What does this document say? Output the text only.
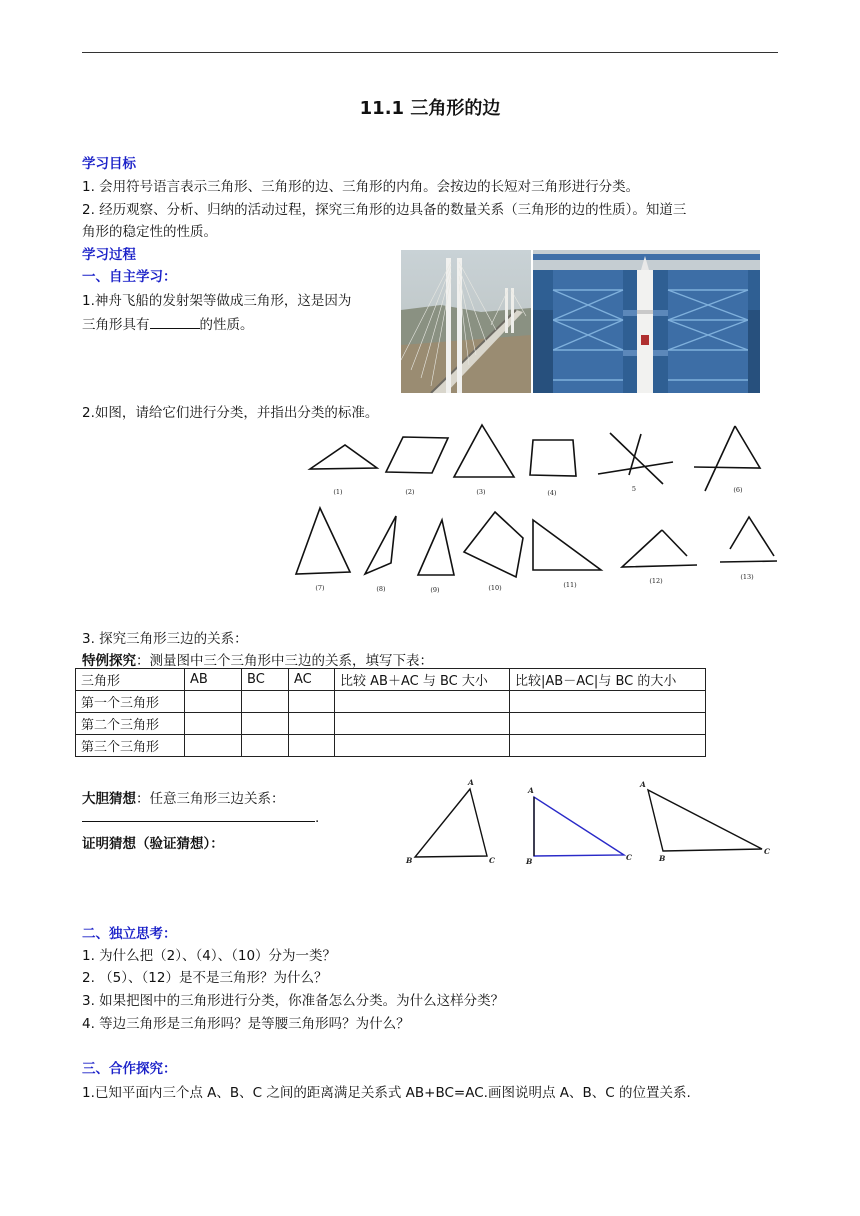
11.1 三角形的边
学习目标
1. 会用符号语言表示三角形、三角形的边、三角形的内角。会按边的长短对三角形进行分类。
2. 经历观察、分析、归纳的活动过程，探究三角形的边具备的数量关系（三角形的边的性质）。知道三
角形的稳定性的性质。
学习过程
一、自主学习：
1.神舟飞船的发射架等做成三角形，这是因为
三角形具有	的性质。
2.如图，请给它们进行分类，并指出分类的标准。
(1)	(2)	(3)	(4)	5	(6)
(7)	(8)	(9)	(10)	(11)	(12)	(13)
3. 探究三角形三边的关系：
特例探究：测量图中三个三角形中三边的关系，填写下表：
三角形	AB	BC	AC	比较 AB＋AC 与 BC 大小	比较|AB－AC|与 BC 的大小
第一个三角形					
第二个三角形					
第三个三角形					
大胆猜想：任意三角形三边关系：
.
证明猜想（验证猜想）：
A
B	C
A
B	C
A
B
C
二、独立思考：
1. 为什么把（2）、（4）、（10）分为一类？
2. （5）、（12）是不是三角形？为什么？
3. 如果把图中的三角形进行分类，你准备怎么分类。为什么这样分类？
4. 等边三角形是三角形吗？是等腰三角形吗？为什么？
三、合作探究：
1.已知平面内三个点 A、B、C 之间的距离满足关系式 AB+BC=AC.画图说明点 A、B、C 的位置关系.
